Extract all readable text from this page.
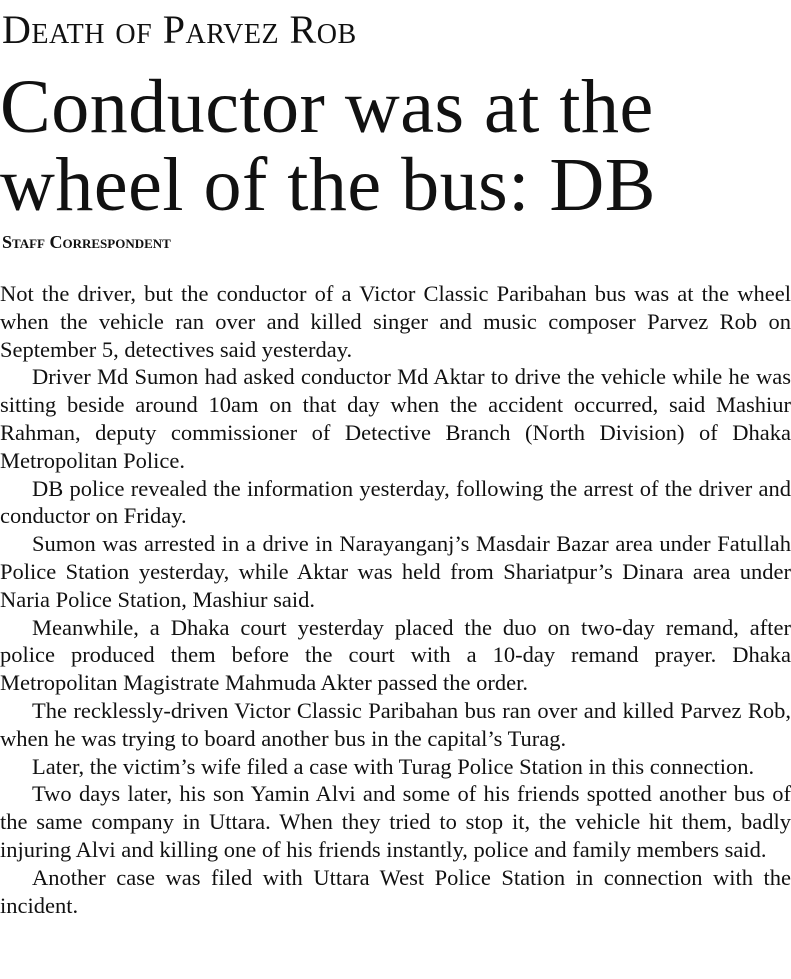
Death of Parvez Rob
Conductor was at the wheel of the bus: DB
Staff Correspondent

Not the driver, but the conductor of a Victor Classic Paribahan bus was at the wheel when the vehicle ran over and killed singer and music composer Parvez Rob on September 5, detectives said yesterday.

Driver Md Sumon had asked conductor Md Aktar to drive the vehicle while he was sitting beside around 10am on that day when the accident occurred, said Mashiur Rahman, deputy commissioner of Detective Branch (North Division) of Dhaka Metropolitan Police.

DB police revealed the information yesterday, following the arrest of the driver and conductor on Friday.

Sumon was arrested in a drive in Narayanganj’s Masdair Bazar area under Fatullah Police Station yesterday, while Aktar was held from Shariatpur’s Dinara area under Naria Police Station, Mashiur said.

Meanwhile, a Dhaka court yesterday placed the duo on two-day remand, after police produced them before the court with a 10-day remand prayer. Dhaka Metropolitan Magistrate Mahmuda Akter passed the order.

The recklessly-driven Victor Classic Paribahan bus ran over and killed Parvez Rob, when he was trying to board another bus in the capital’s Turag.

Later, the victim’s wife filed a case with Turag Police Station in this connection.

Two days later, his son Yamin Alvi and some of his friends spotted another bus of the same company in Uttara. When they tried to stop it, the vehicle hit them, badly injuring Alvi and killing one of his friends instantly, police and family members said.

Another case was filed with Uttara West Police Station in connection with the incident.
